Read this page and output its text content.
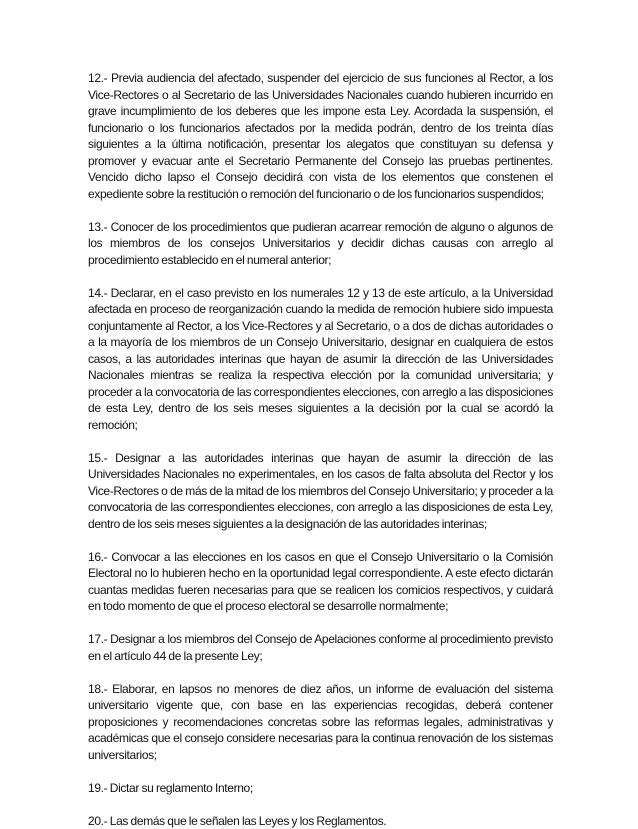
12.- Previa audiencia del afectado, suspender del ejercicio de sus funciones al Rector, a los Vice-Rectores o al Secretario de las Universidades Nacionales cuando hubieren incurrido en grave incumplimiento de los deberes que les impone esta Ley. Acordada la suspensión, el funcionario o los funcionarios afectados por la medida podrán, dentro de los treinta días siguientes a la última notificación, presentar los alegatos que constituyan su defensa y promover y evacuar ante el Secretario Permanente del Consejo las pruebas pertinentes. Vencido dicho lapso el Consejo decidirá con vista de los elementos que constenen el expediente sobre la restitución o remoción del funcionario o de los funcionarios suspendidos;

13.- Conocer de los procedimientos que pudieran acarrear remoción de alguno o algunos de los miembros de los consejos Universitarios y decidir dichas causas con arreglo al procedimiento establecido en el numeral anterior;

14.- Declarar, en el caso previsto en los numerales 12 y 13 de este artículo, a la Universidad afectada en proceso de reorganización cuando la medida de remoción hubiere sido impuesta conjuntamente al Rector, a los Vice-Rectores y al Secretario, o a dos de dichas autoridades o a la mayoría de los miembros de un Consejo Universitario, designar en cualquiera de estos casos, a las autoridades interinas que hayan de asumir la dirección de las Universidades Nacionales mientras se realiza la respectiva elección por la comunidad universitaria; y proceder a la convocatoria de las correspondientes elecciones, con arreglo a las disposiciones de esta Ley, dentro de los seis meses siguientes a la decisión por la cual se acordó la remoción;

15.- Designar a las autoridades interinas que hayan de asumir la dirección de las Universidades Nacionales no experimentales, en los casos de falta absoluta del Rector y los Vice-Rectores o de más de la mitad de los miembros del Consejo Universitario; y proceder a la convocatoria de las correspondientes elecciones, con arreglo a las disposiciones de esta Ley, dentro de los seis meses siguientes a la designación de las autoridades interinas;

16.- Convocar a las elecciones en los casos en que el Consejo Universitario o la Comisión Electoral no lo hubieren hecho en la oportunidad legal correspondiente. A este efecto dictarán cuantas medidas fueren necesarias para que se realicen los comicios respectivos, y cuidará en todo momento de que el proceso electoral se desarrolle normalmente;

17.- Designar a los miembros del Consejo de Apelaciones conforme al procedimiento previsto en el artículo 44 de la presente Ley;

18.- Elaborar, en lapsos no menores de diez años, un informe de evaluación del sistema universitario vigente que, con base en las experiencias recogidas, deberá contener proposiciones y recomendaciones concretas sobre las reformas legales, administrativas y académicas que el consejo considere necesarias para la continua renovación de los sistemas universitarios;

19.- Dictar su reglamento Interno;

20.- Las demás que le señalen las Leyes y los Reglamentos.
